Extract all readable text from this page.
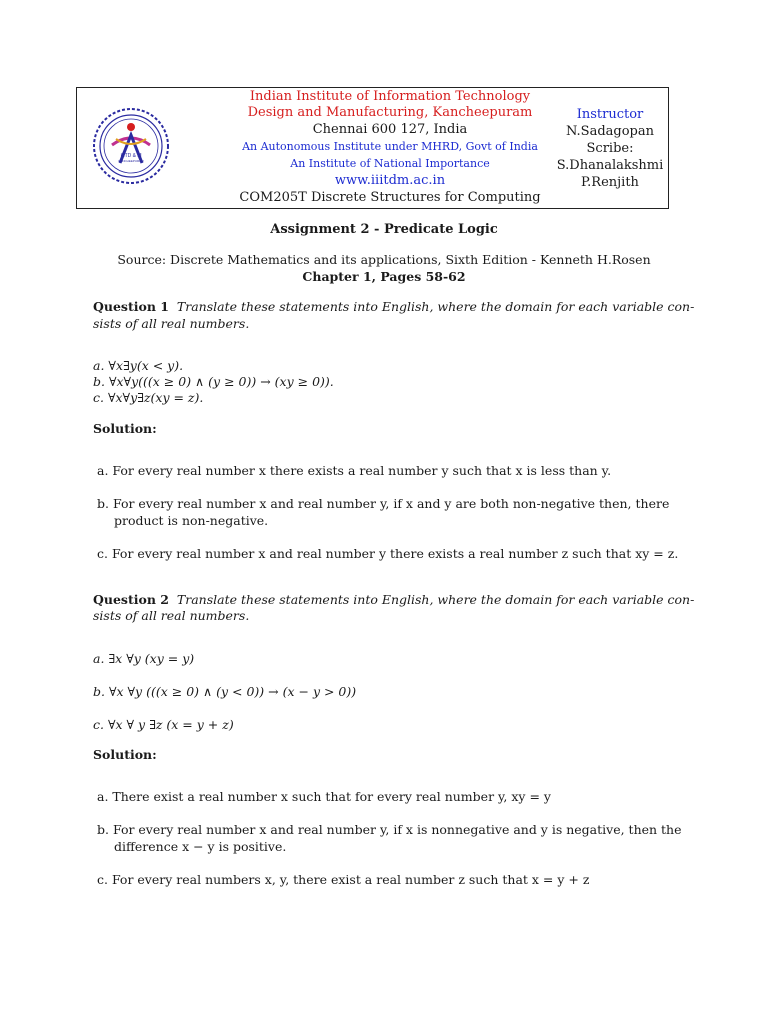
IIITD & M
KANCHEEPURAM
Indian Institute of Information Technology
Design and Manufacturing, Kancheepuram
Chennai 600 127, India
An Autonomous Institute under MHRD, Govt of India
An Institute of National Importance
www.iiitdm.ac.in
COM205T Discrete Structures for Computing
Instructor
N.Sadagopan
Scribe:
S.Dhanalakshmi
P.Renjith
Assignment 2 - Predicate Logic
Source: Discrete Mathematics and its applications, Sixth Edition - Kenneth H.Rosen
Chapter 1, Pages 58-62
Question 1 Translate these statements into English, where the domain for each variable con-
sists of all real numbers.
a. ∀x∃y(x < y).
b. ∀x∀y(((x ≥ 0) ∧ (y ≥ 0)) → (xy ≥ 0)).
c. ∀x∀y∃z(xy = z).
Solution:
a. For every real number x there exists a real number y such that x is less than y.
b. For every real number x and real number y, if x and y are both non-negative then, there
product is non-negative.
c. For every real number x and real number y there exists a real number z such that xy = z.
Question 2 Translate these statements into English, where the domain for each variable con-
sists of all real numbers.
a. ∃x ∀y (xy = y)
b. ∀x ∀y (((x ≥ 0) ∧ (y < 0)) → (x − y > 0))
c. ∀x ∀ y ∃z (x = y + z)
Solution:
a. There exist a real number x such that for every real number y, xy = y
b. For every real number x and real number y, if x is nonnegative and y is negative, then the
difference x − y is positive.
c. For every real numbers x, y, there exist a real number z such that x = y + z
